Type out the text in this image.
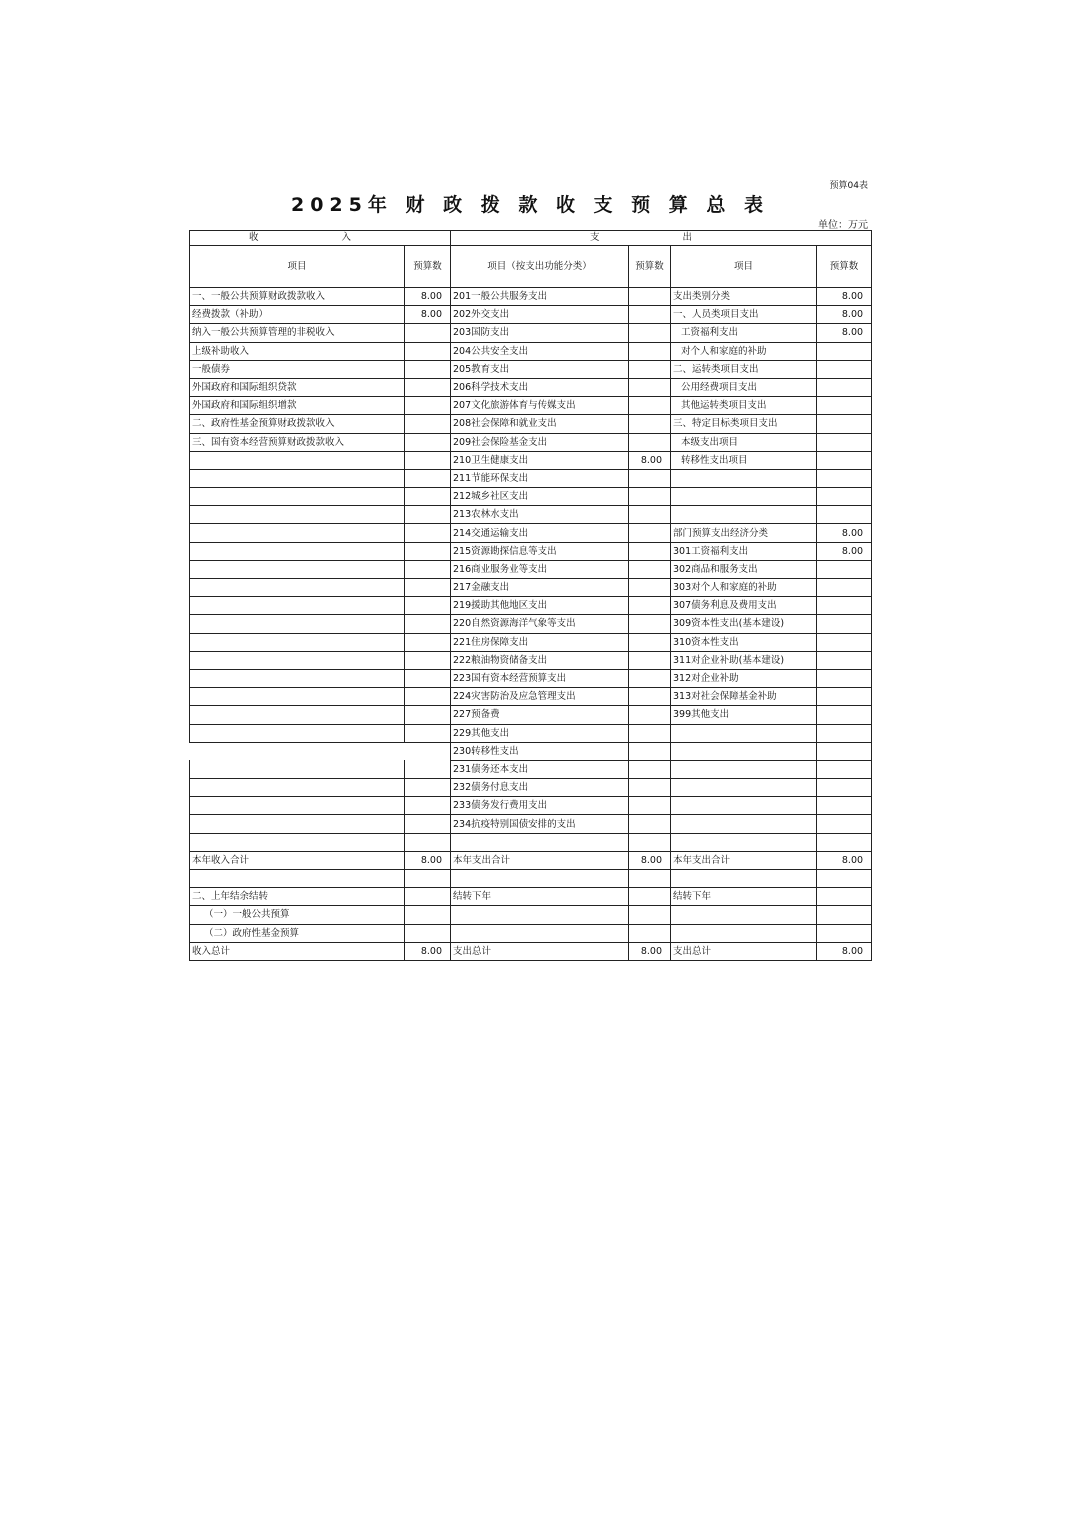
预算04表
2025年 财 政 拨 款 收 支 预 算 总 表
单位：万元
收 入		支 出			
项目	预算数	项目（按支出功能分类）	预算数	项目	预算数
一、一般公共预算财政拨款收入	8.00	201一般公共服务支出		支出类别分类	8.00
经费拨款（补助）	8.00	202外交支出		一、人员类项目支出	8.00
纳入一般公共预算管理的非税收入		203国防支出		工资福利支出	8.00
上级补助收入		204公共安全支出		对个人和家庭的补助	
一般债券		205教育支出		二、运转类项目支出	
外国政府和国际组织贷款		206科学技术支出		公用经费项目支出	
外国政府和国际组织增款		207文化旅游体育与传媒支出		其他运转类项目支出	
二、政府性基金预算财政拨款收入		208社会保障和就业支出		三、特定目标类项目支出	
三、国有资本经营预算财政拨款收入		209社会保险基金支出		本级支出项目	
		210卫生健康支出	8.00	转移性支出项目	
		211节能环保支出			
		212城乡社区支出			
		213农林水支出			
		214交通运输支出		部门预算支出经济分类	8.00
		215资源勘探信息等支出		301工资福利支出	8.00
		216商业服务业等支出		302商品和服务支出	
		217金融支出		303对个人和家庭的补助	
		219援助其他地区支出		307债务利息及费用支出	
		220自然资源海洋气象等支出		309资本性支出(基本建设)	
		221住房保障支出		310资本性支出	
		222粮油物资储备支出		311对企业补助(基本建设)	
		223国有资本经营预算支出		312对企业补助	
		224灾害防治及应急管理支出		313对社会保障基金补助	
		227预备费		399其他支出	
		229其他支出			
		230转移性支出			
		231债务还本支出			
		232债务付息支出			
		233债务发行费用支出			
		234抗疫特别国债安排的支出			

本年收入合计	8.00	本年支出合计	8.00	本年支出合计	8.00

二、上年结余结转		结转下年		结转下年	
（一）一般公共预算					
（二）政府性基金预算					
收入总计	8.00	支出总计	8.00	支出总计	8.00
